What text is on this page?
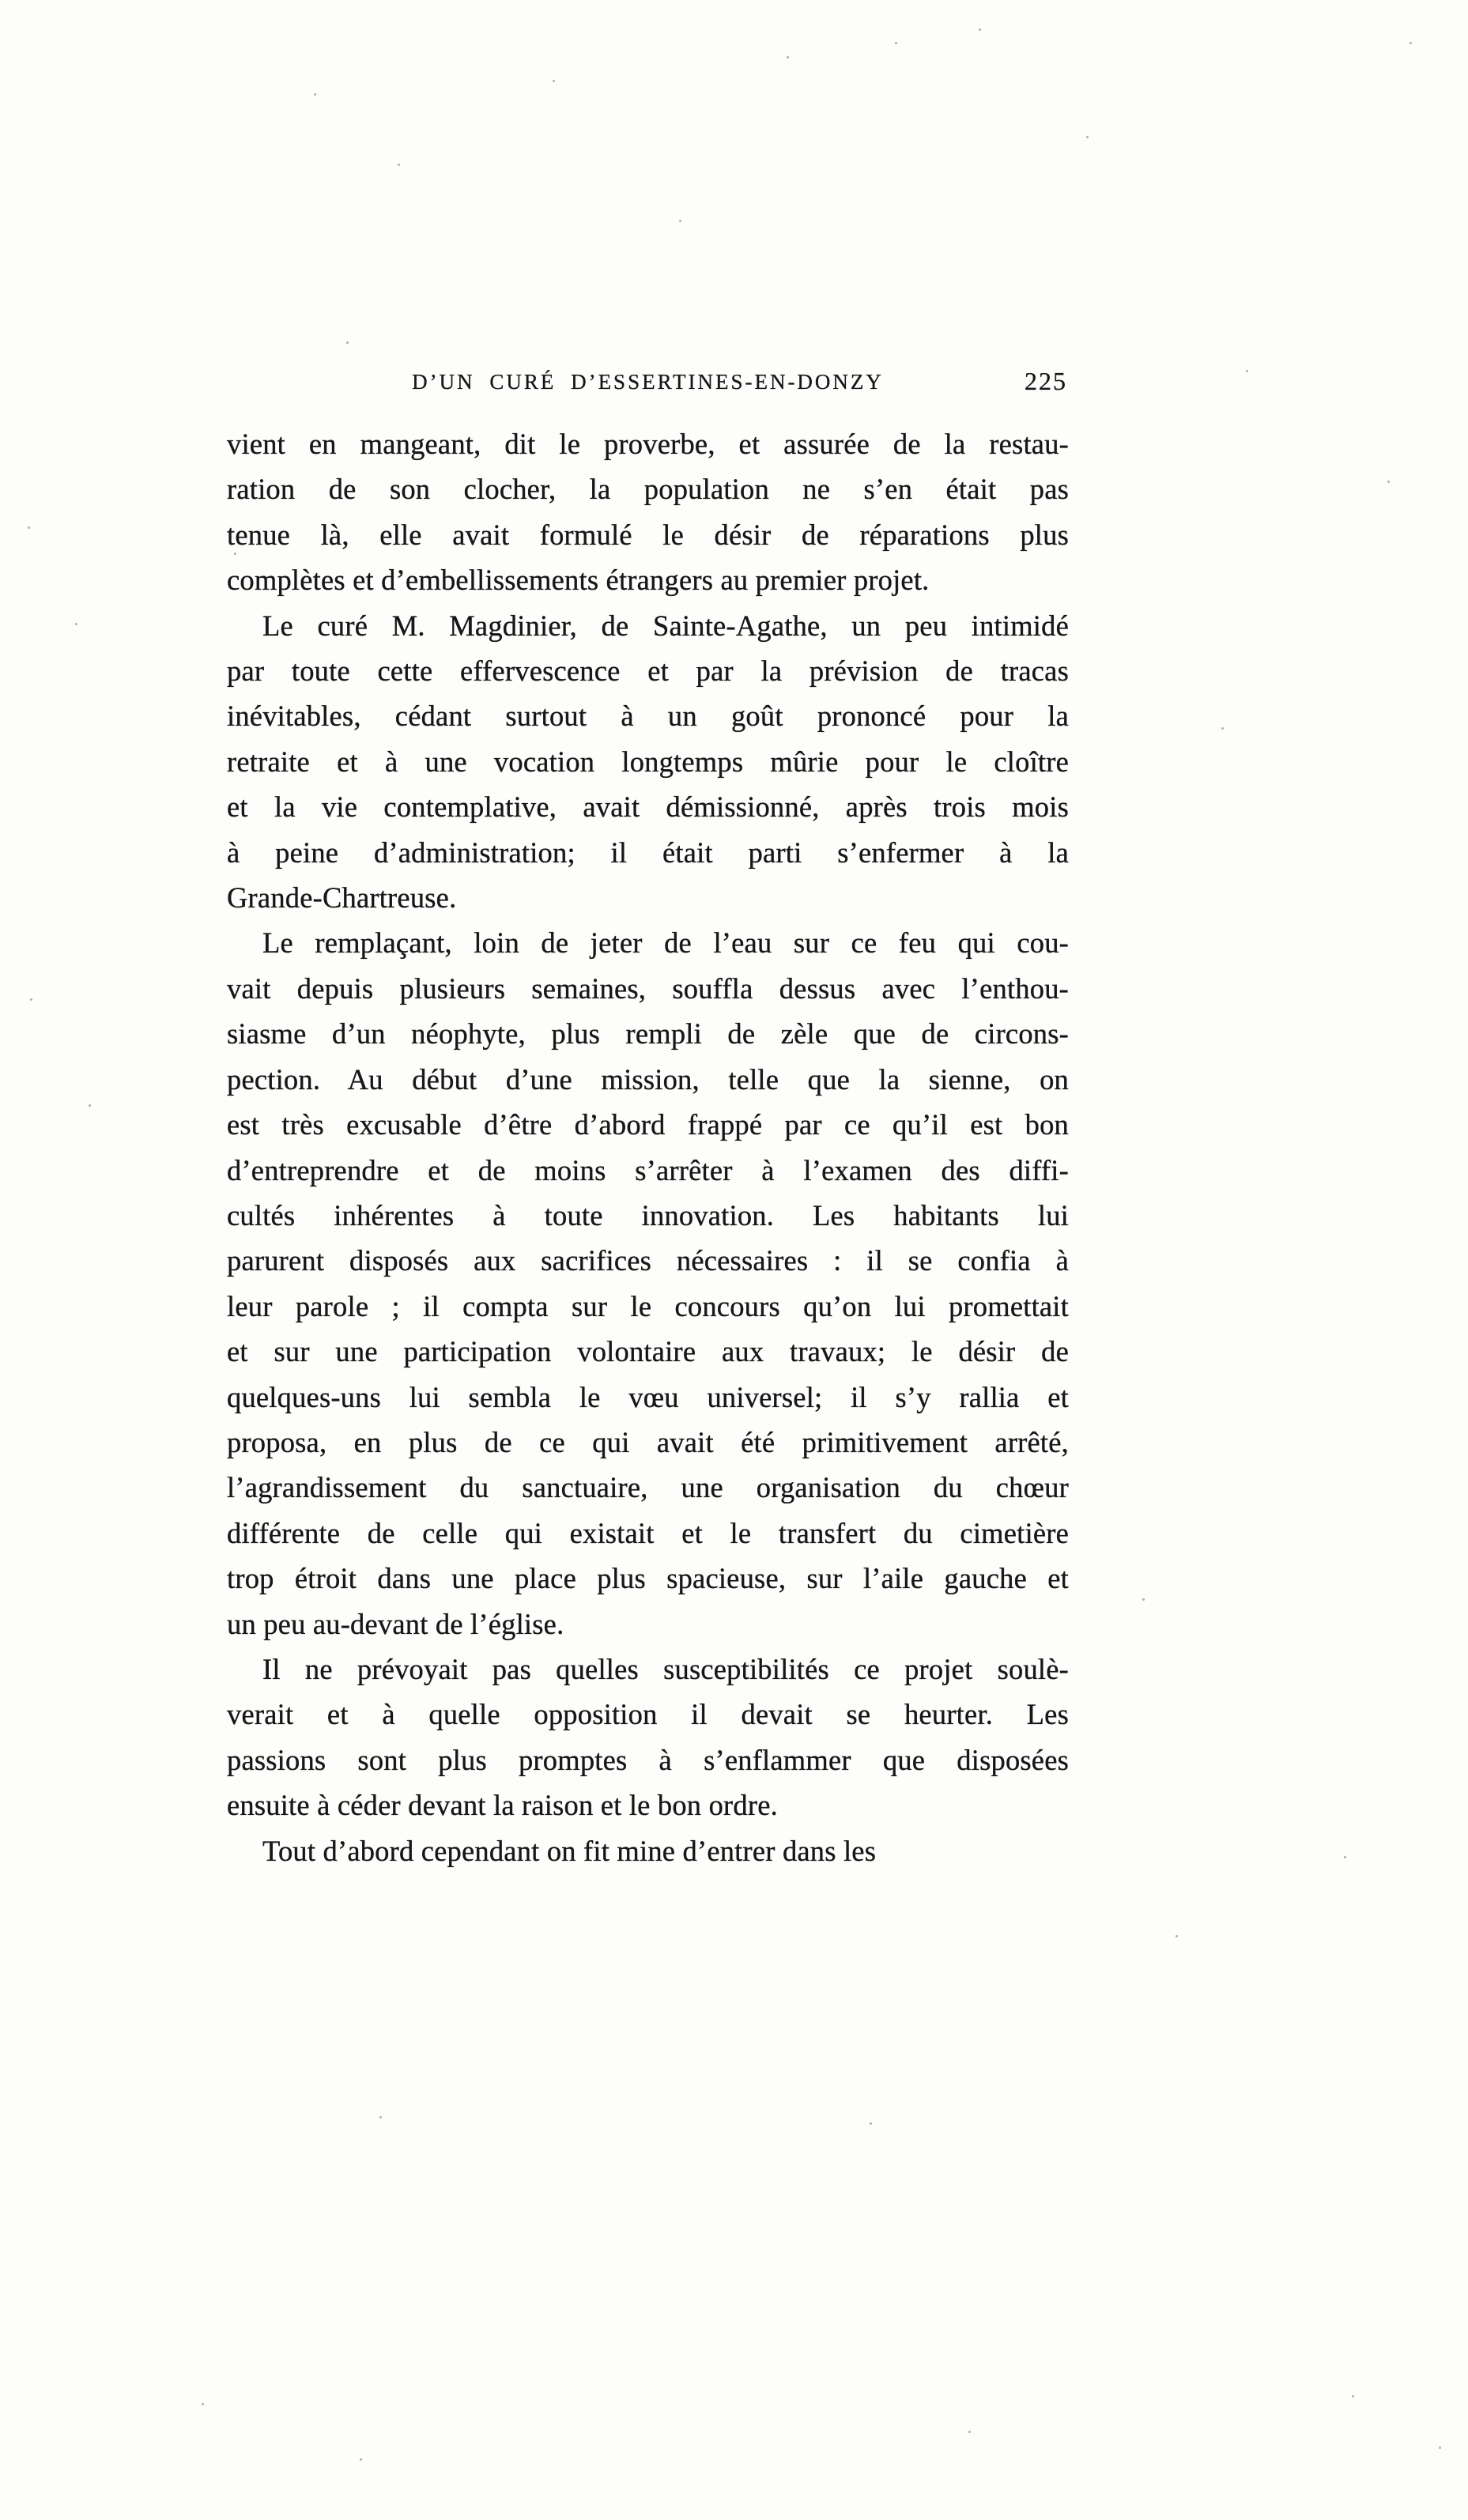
D’UN CURÉ D’ESSERTINES-EN-DONZY	225
vient en mangeant, dit le proverbe, et assurée de la restau-
ration de son clocher, la population ne s’en était pas
tenue là, elle avait formulé le désir de réparations plus
complètes et d’embellissements étrangers au premier projet.
Le curé M. Magdinier, de Sainte-Agathe, un peu intimidé
par toute cette effervescence et par la prévision de tracas
inévitables, cédant surtout à un goût prononcé pour la
retraite et à une vocation longtemps mûrie pour le cloître
et la vie contemplative, avait démissionné, après trois mois
à peine d’administration; il était parti s’enfermer à la
Grande-Chartreuse.
Le remplaçant, loin de jeter de l’eau sur ce feu qui cou-
vait depuis plusieurs semaines, souffla dessus avec l’enthou-
siasme d’un néophyte, plus rempli de zèle que de circons-
pection. Au début d’une mission, telle que la sienne, on
est très excusable d’être d’abord frappé par ce qu’il est bon
d’entreprendre et de moins s’arrêter à l’examen des diffi-
cultés inhérentes à toute innovation. Les habitants lui
parurent disposés aux sacrifices nécessaires : il se confia à
leur parole ; il compta sur le concours qu’on lui promettait
et sur une participation volontaire aux travaux; le désir de
quelques-uns lui sembla le vœu universel; il s’y rallia et
proposa, en plus de ce qui avait été primitivement arrêté,
l’agrandissement du sanctuaire, une organisation du chœur
différente de celle qui existait et le transfert du cimetière
trop étroit dans une place plus spacieuse, sur l’aile gauche et
un peu au-devant de l’église.
Il ne prévoyait pas quelles susceptibilités ce projet soulè-
verait et à quelle opposition il devait se heurter. Les
passions sont plus promptes à s’enflammer que disposées
ensuite à céder devant la raison et le bon ordre.
Tout d’abord cependant on fit mine d’entrer dans les
